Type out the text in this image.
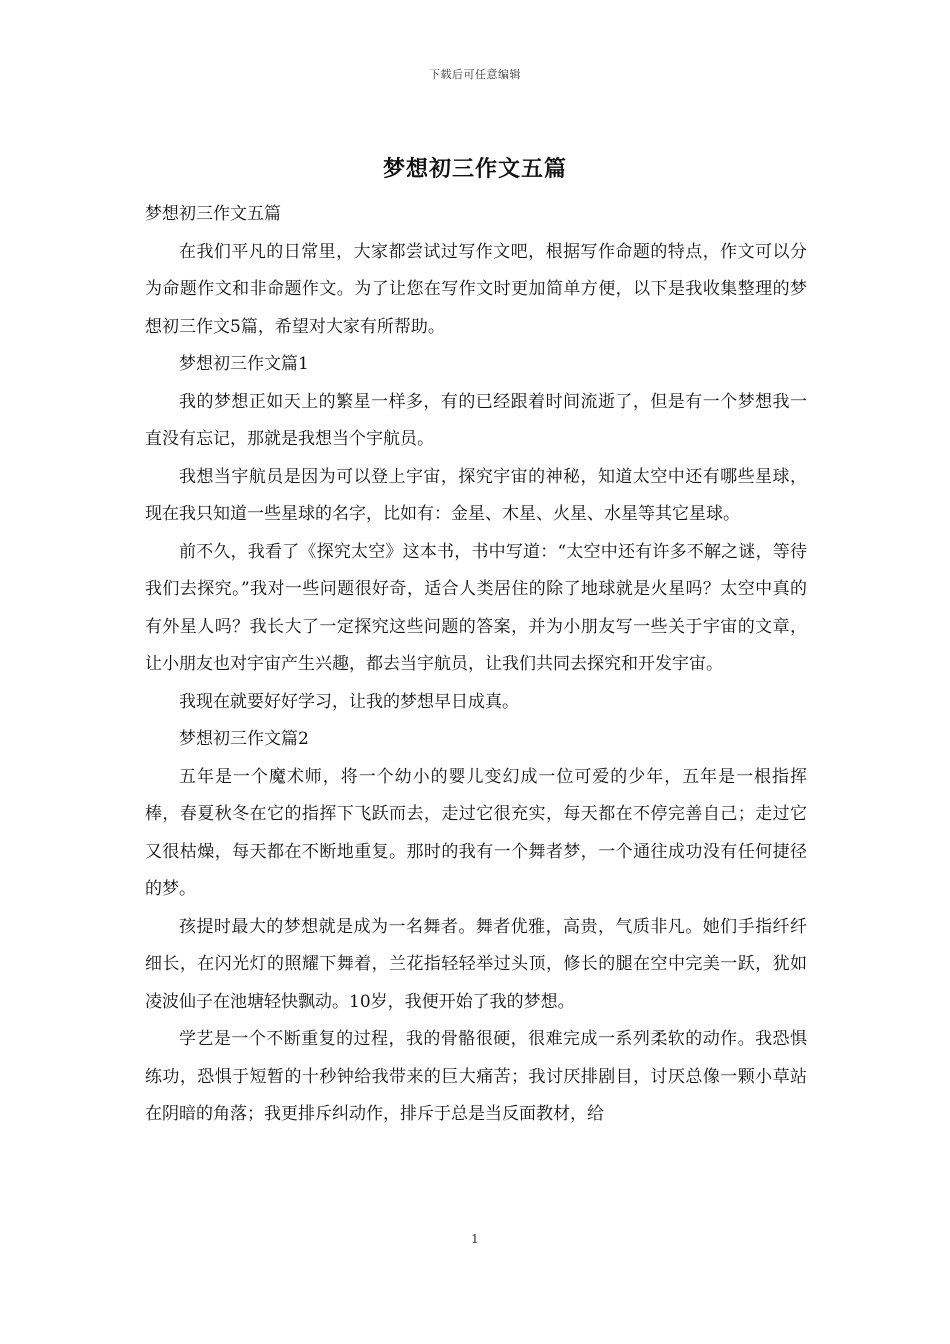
下载后可任意编辑
梦想初三作文五篇

梦想初三作文五篇

在我们平凡的日常里，大家都尝试过写作文吧，根据写作命题的特点，作文可以分为命题作文和非命题作文。为了让您在写作文时更加简单方便，以下是我收集整理的梦想初三作文5篇，希望对大家有所帮助。

梦想初三作文篇1

我的梦想正如天上的繁星一样多，有的已经跟着时间流逝了，但是有一个梦想我一直没有忘记，那就是我想当个宇航员。

我想当宇航员是因为可以登上宇宙，探究宇宙的神秘，知道太空中还有哪些星球，现在我只知道一些星球的名字，比如有：金星、木星、火星、水星等其它星球。

前不久，我看了《探究太空》这本书，书中写道：“太空中还有许多不解之谜，等待我们去探究。”我对一些问题很好奇，适合人类居住的除了地球就是火星吗？太空中真的有外星人吗？我长大了一定探究这些问题的答案，并为小朋友写一些关于宇宙的文章，让小朋友也对宇宙产生兴趣，都去当宇航员，让我们共同去探究和开发宇宙。

我现在就要好好学习，让我的梦想早日成真。

梦想初三作文篇2

五年是一个魔术师，将一个幼小的婴儿变幻成一位可爱的少年，五年是一根指挥棒，春夏秋冬在它的指挥下飞跃而去，走过它很充实，每天都在不停完善自己；走过它又很枯燥，每天都在不断地重复。那时的我有一个舞者梦，一个通往成功没有任何捷径的梦。

孩提时最大的梦想就是成为一名舞者。舞者优雅，高贵，气质非凡。她们手指纤纤细长，在闪光灯的照耀下舞着，兰花指轻轻举过头顶，修长的腿在空中完美一跃，犹如凌波仙子在池塘轻快飘动。10岁，我便开始了我的梦想。

学艺是一个不断重复的过程，我的骨骼很硬，很难完成一系列柔软的动作。我恐惧练功，恐惧于短暂的十秒钟给我带来的巨大痛苦；我讨厌排剧目，讨厌总像一颗小草站在阴暗的角落；我更排斥纠动作，排斥于总是当反面教材，给

1
